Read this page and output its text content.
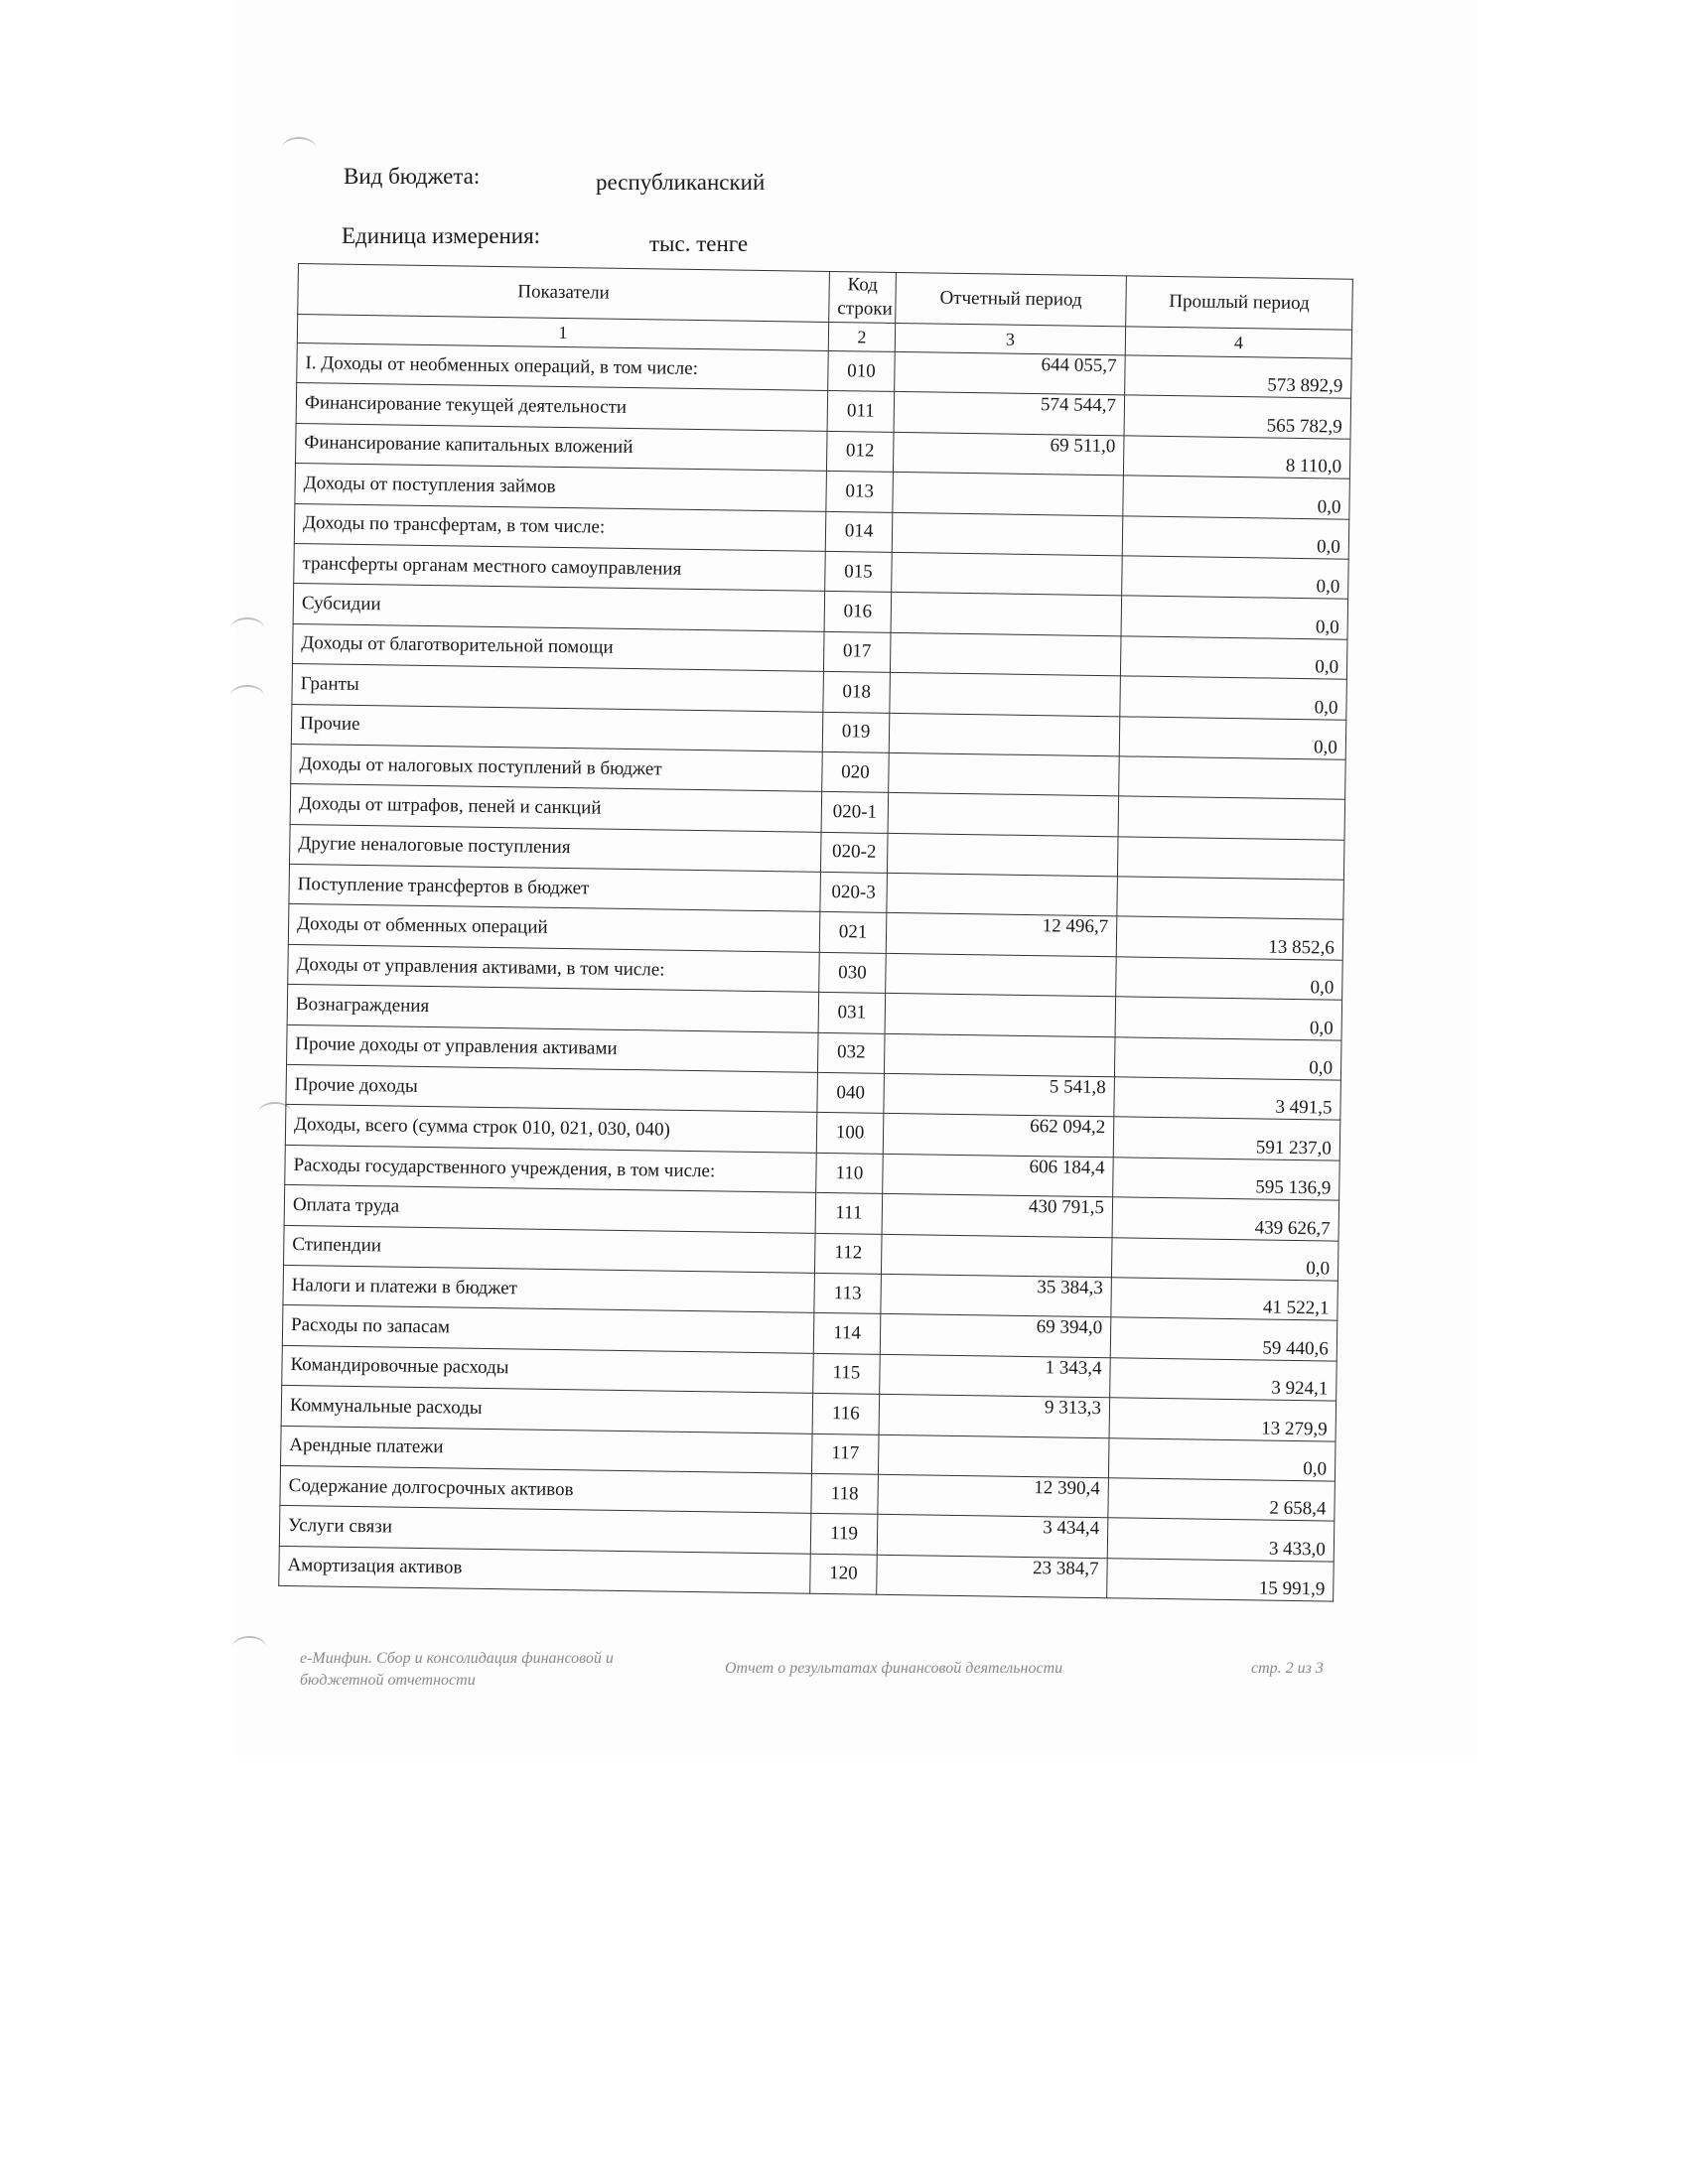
Вид бюджета:	республиканский
Единица измерения:	тыс. тенге
Показатели	Код строки	Отчетный период	Прошлый период
1	2	3	4
I. Доходы от необменных операций, в том числе:	010	644 055,7	573 892,9
Финансирование текущей деятельности	011	574 544,7	565 782,9
Финансирование капитальных вложений	012	69 511,0	8 110,0
Доходы от поступления займов	013		0,0
Доходы по трансфертам, в том числе:	014		0,0
трансферты органам местного самоуправления	015		0,0
Субсидии	016		0,0
Доходы от благотворительной помощи	017		0,0
Гранты	018		0,0
Прочие	019		0,0
Доходы от налоговых поступлений в бюджет	020		
Доходы от штрафов, пеней и санкций	020-1		
Другие неналоговые поступления	020-2		
Поступление трансфертов в бюджет	020-3		
Доходы от обменных операций	021	12 496,7	13 852,6
Доходы от управления активами, в том числе:	030		0,0
Вознаграждения	031		0,0
Прочие доходы от управления активами	032		0,0
Прочие доходы	040	5 541,8	3 491,5
Доходы, всего (сумма строк 010, 021, 030, 040)	100	662 094,2	591 237,0
Расходы государственного учреждения, в том числе:	110	606 184,4	595 136,9
Оплата труда	111	430 791,5	439 626,7
Стипендии	112		0,0
Налоги и платежи в бюджет	113	35 384,3	41 522,1
Расходы по запасам	114	69 394,0	59 440,6
Командировочные расходы	115	1 343,4	3 924,1
Коммунальные расходы	116	9 313,3	13 279,9
Арендные платежи	117		0,0
Содержание долгосрочных активов	118	12 390,4	2 658,4
Услуги связи	119	3 434,4	3 433,0
Амортизация активов	120	23 384,7	15 991,9
е-Минфин. Сбор и консолидация финансовой и бюджетной отчетности
Отчет о результатах финансовой деятельности	стр. 2 из 3
